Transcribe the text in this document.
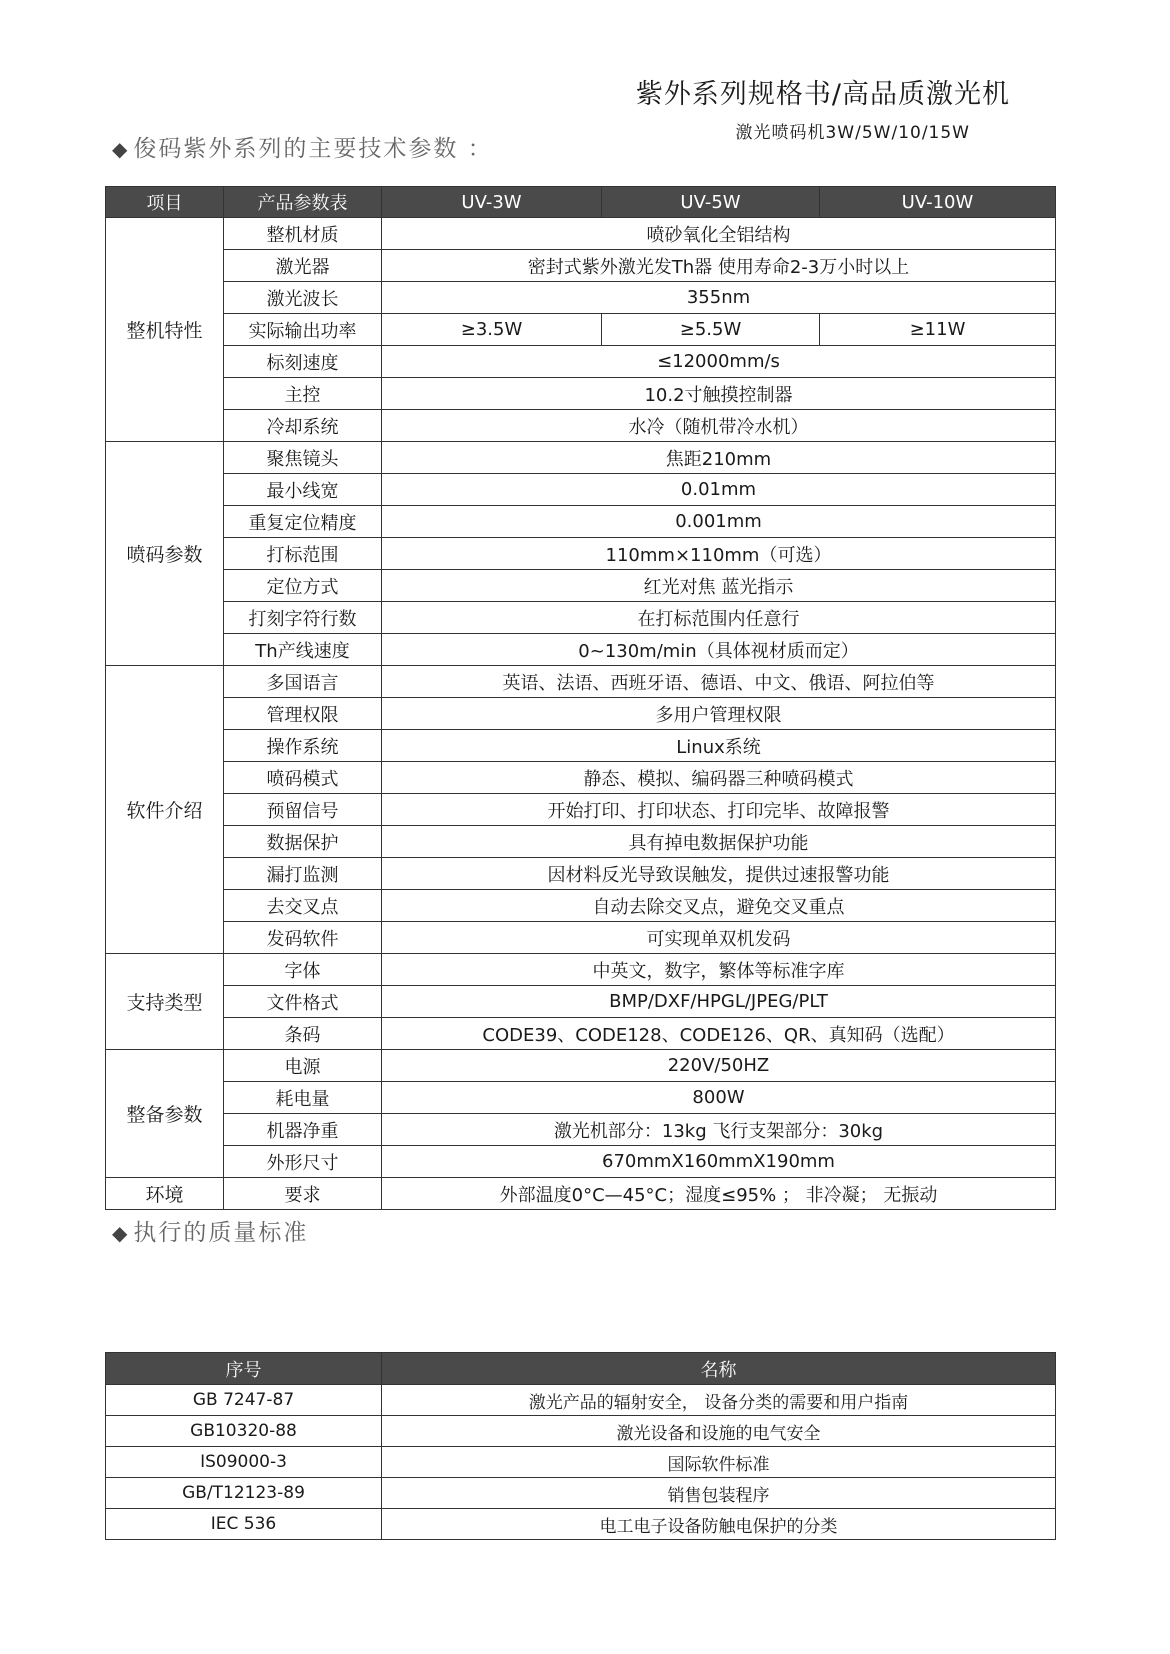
紫外系列规格书/高品质激光机
激光喷码机3W/5W/10/15W
◆ 俊码紫外系列的主要技术参数 ：
项目	产品参数表	UV-3W	UV-5W	UV-10W
整机特性	整机材质	喷砂氧化全铝结构		
	激光器	密封式紫外激光发Th器 使用寿命2-3万小时以上		
	激光波长	355nm		
	实际输出功率	≥3.5W	≥5.5W	≥11W
	标刻速度	≤12000mm/s		
	主控	10.2寸触摸控制器		
	冷却系统	水冷（随机带冷水机）		
喷码参数	聚焦镜头	焦距210mm		
	最小线宽	0.01mm		
	重复定位精度	0.001mm		
	打标范围	110mm×110mm（可选）		
	定位方式	红光对焦 蓝光指示		
	打刻字符行数	在打标范围内任意行		
	Th产线速度	0~130m/min（具体视材质而定）		
软件介绍	多国语言	英语、法语、西班牙语、德语、中文、俄语、阿拉伯等		
	管理权限	多用户管理权限		
	操作系统	Linux系统		
	喷码模式	静态、模拟、编码器三种喷码模式		
	预留信号	开始打印、打印状态、打印完毕、故障报警		
	数据保护	具有掉电数据保护功能		
	漏打监测	因材料反光导致误触发，提供过速报警功能		
	去交叉点	自动去除交叉点，避免交叉重点		
	发码软件	可实现单双机发码		
支持类型	字体	中英文，数字，繁体等标准字库		
	文件格式	BMP/DXF/HPGL/JPEG/PLT		
	条码	CODE39、CODE128、CODE126、QR、真知码（选配）		
整备参数	电源	220V/50HZ		
	耗电量	800W		
	机器净重	激光机部分：13kg 飞行支架部分：30kg		
	外形尺寸	670mmX160mmX190mm		
环境	要求	外部温度0°C—45°C；湿度≤95% ； 非冷凝； 无振动		
◆ 执行的质量标准
序号	名称
GB 7247-87	激光产品的辐射安全， 设备分类的需要和用户指南
GB10320-88	激光设备和设施的电气安全
IS09000-3	国际软件标准
GB/T12123-89	销售包装程序
IEC 536	电工电子设备防触电保护的分类
